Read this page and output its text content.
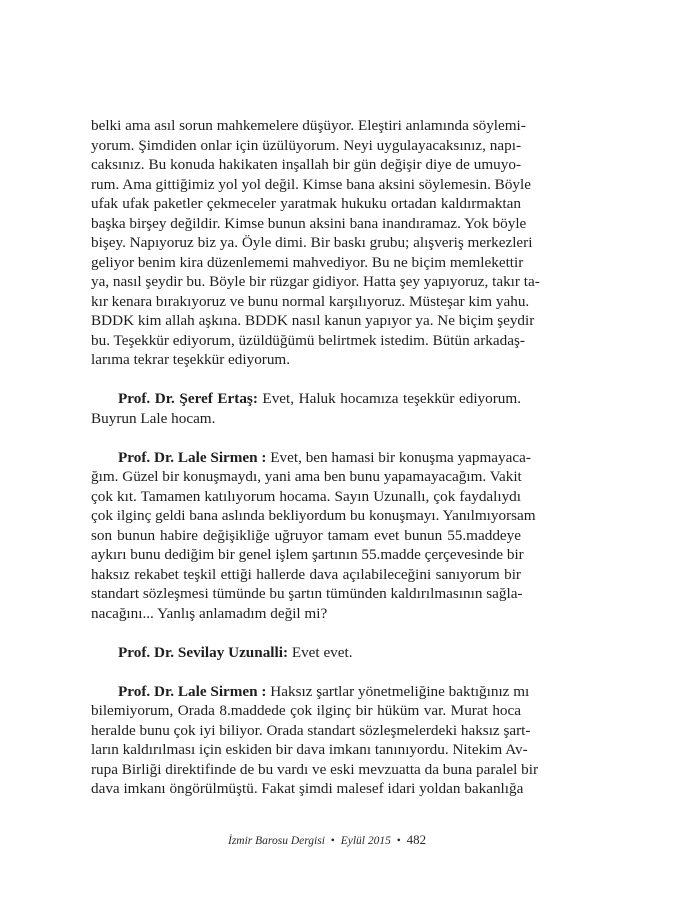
belki ama asıl sorun mahkemelere düşüyor. Eleştiri anlamında söylemi-
yorum. Şimdiden onlar için üzülüyorum. Neyi uygulayacaksınız, napı-
caksınız. Bu konuda hakikaten inşallah bir gün değişir diye de umuyo-
rum. Ama gittiğimiz yol yol değil. Kimse bana aksini söylemesin. Böyle
ufak ufak paketler çekmeceler yaratmak hukuku ortadan kaldırmaktan
başka birşey değildir. Kimse bunun aksini bana inandıramaz. Yok böyle
bişey. Napıyoruz biz ya. Öyle dimi. Bir baskı grubu; alışveriş merkezleri
geliyor benim kira düzenlememi mahvediyor. Bu ne biçim memlekettir
ya, nasıl şeydir bu. Böyle bir rüzgar gidiyor. Hatta şey yapıyoruz, takır ta-
kır kenara bırakıyoruz ve bunu normal karşılıyoruz. Müsteşar kim yahu.
BDDK kim allah aşkına. BDDK nasıl kanun yapıyor ya. Ne biçim şeydir
bu. Teşekkür ediyorum, üzüldüğümü belirtmek istedim. Bütün arkadaş-
larıma tekrar teşekkür ediyorum.
Prof. Dr. Şeref Ertaş: Evet, Haluk hocamıza teşekkür ediyorum.
Buyrun Lale hocam.
Prof. Dr. Lale Sirmen : Evet, ben hamasi bir konuşma yapmayaca-
ğım. Güzel bir konuşmaydı, yani ama ben bunu yapamayacağım. Vakit
çok kıt. Tamamen katılıyorum hocama. Sayın Uzunallı, çok faydalıydı
çok ilginç geldi bana aslında bekliyordum bu konuşmayı. Yanılmıyorsam
son bunun habire değişikliğe uğruyor tamam evet bunun 55.maddeye
aykırı bunu dediğim bir genel işlem şartının 55.madde çerçevesinde bir
haksız rekabet teşkil ettiği hallerde dava açılabileceğini sanıyorum bir
standart sözleşmesi tümünde bu şartın tümünden kaldırılmasının sağla-
nacağını... Yanlış anlamadım değil mi?
Prof. Dr. Sevilay Uzunalli: Evet evet.
Prof. Dr. Lale Sirmen : Haksız şartlar yönetmeliğine baktığınız mı
bilemiyorum, Orada 8.maddede çok ilginç bir hüküm var. Murat hoca
heralde bunu çok iyi biliyor. Orada standart sözleşmelerdeki haksız şart-
ların kaldırılması için eskiden bir dava imkanı tanınıyordu. Nitekim Av-
rupa Birliği direktifinde de bu vardı ve eski mevzuatta da buna paralel bir
dava imkanı öngörülmüştü. Fakat şimdi malesef idari yoldan bakanlığa
İzmir Barosu Dergisi • Eylül 2015 • 482
